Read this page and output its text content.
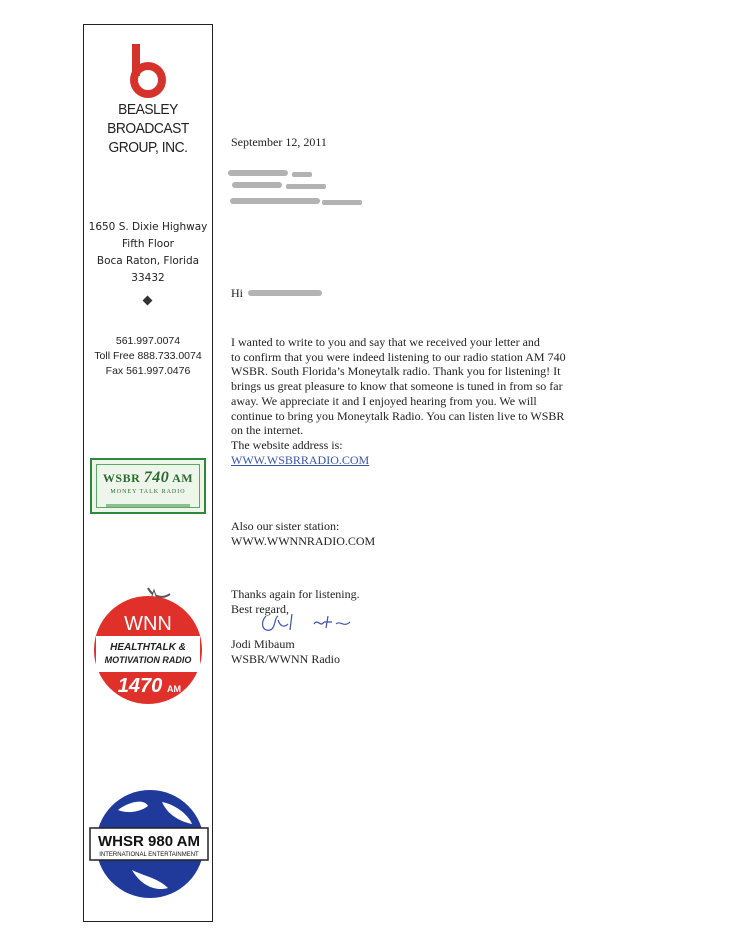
BEASLEY
BROADCAST
GROUP, INC.
1650 S. Dixie Highway
Fifth Floor
Boca Raton, Florida
33432
561.997.0074
Toll Free 888.733.0074
Fax 561.997.0476
WSBR 740 AM
MONEY TALK RADIO
WNN
HEALTHTALK &
MOTIVATION RADIO
1470 AM
WHSR 980 AM
INTERNATIONAL ENTERTAINMENT
September 12, 2011
Hi
I wanted to write to you and say that we received your letter and
to confirm that you were indeed listening to our radio station AM 740
WSBR. South Florida’s Moneytalk radio. Thank you for listening! It
brings us great pleasure to know that someone is tuned in from so far
away. We appreciate it and I enjoyed hearing from you. We will
continue to bring you Moneytalk Radio. You can listen live to WSBR
on the internet.
The website address is:
WWW.WSBRRADIO.COM
Also our sister station:
WWW.WWNNRADIO.COM
Thanks again for listening.
Best regard,
Jodi Mibaum
WSBR/WWNN Radio
